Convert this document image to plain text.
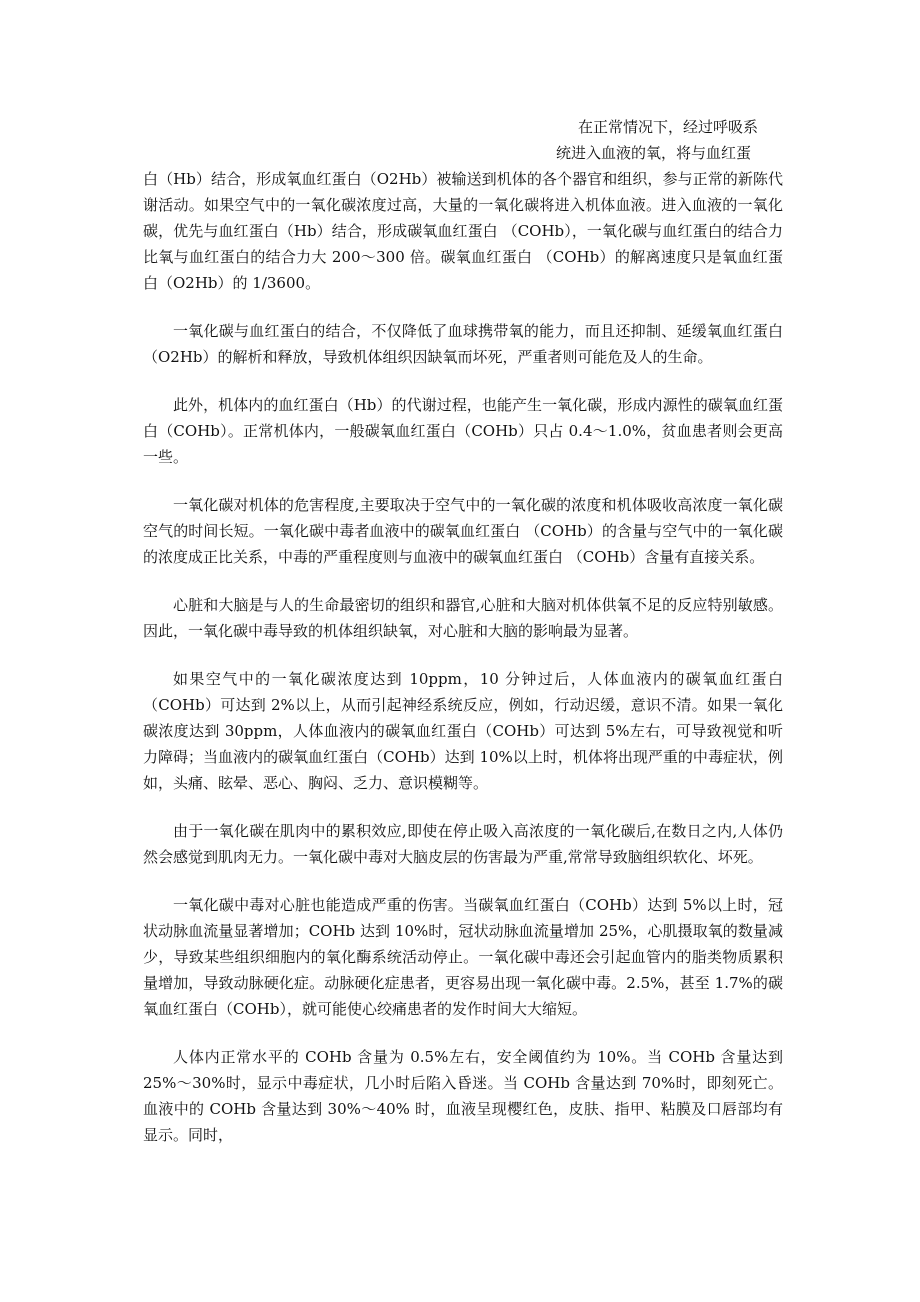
在正常情况下，经过呼吸系
统进入血液的氧，将与血红蛋

白（Hb）结合，形成氧血红蛋白（O2Hb）被输送到机体的各个器官和组织，参与正常的新陈代谢活动。如果空气中的一氧化碳浓度过高，大量的一氧化碳将进入机体血液。进入血液的一氧化碳，优先与血红蛋白（Hb）结合，形成碳氧血红蛋白 （COHb），一氧化碳与血红蛋白的结合力比氧与血红蛋白的结合力大 200～300 倍。碳氧血红蛋白 （COHb）的解离速度只是氧血红蛋白（O2Hb）的 1/3600。

一氧化碳与血红蛋白的结合，不仅降低了血球携带氧的能力，而且还抑制、延缓氧血红蛋白（O2Hb）的解析和释放，导致机体组织因缺氧而坏死，严重者则可能危及人的生命。

此外，机体内的血红蛋白（Hb）的代谢过程，也能产生一氧化碳，形成内源性的碳氧血红蛋白（COHb）。正常机体内，一般碳氧血红蛋白（COHb）只占 0.4～1.0%，贫血患者则会更高一些。

一氧化碳对机体的危害程度,主要取决于空气中的一氧化碳的浓度和机体吸收高浓度一氧化碳空气的时间长短。一氧化碳中毒者血液中的碳氧血红蛋白 （COHb）的含量与空气中的一氧化碳的浓度成正比关系，中毒的严重程度则与血液中的碳氧血红蛋白 （COHb）含量有直接关系。

心脏和大脑是与人的生命最密切的组织和器官,心脏和大脑对机体供氧不足的反应特别敏感。因此，一氧化碳中毒导致的机体组织缺氧，对心脏和大脑的影响最为显著。

如果空气中的一氧化碳浓度达到 10ppm，10 分钟过后，人体血液内的碳氧血红蛋白（COHb）可达到 2%以上，从而引起神经系统反应，例如，行动迟缓，意识不清。如果一氧化碳浓度达到 30ppm，人体血液内的碳氧血红蛋白（COHb）可达到 5%左右，可导致视觉和听力障碍；当血液内的碳氧血红蛋白（COHb）达到 10%以上时，机体将出现严重的中毒症状，例如，头痛、眩晕、恶心、胸闷、乏力、意识模糊等。

由于一氧化碳在肌肉中的累积效应,即使在停止吸入高浓度的一氧化碳后,在数日之内,人体仍然会感觉到肌肉无力。一氧化碳中毒对大脑皮层的伤害最为严重,常常导致脑组织软化、坏死。

一氧化碳中毒对心脏也能造成严重的伤害。当碳氧血红蛋白（COHb）达到 5%以上时，冠状动脉血流量显著增加；COHb 达到 10%时，冠状动脉血流量增加 25%，心肌摄取氧的数量减少，导致某些组织细胞内的氧化酶系统活动停止。一氧化碳中毒还会引起血管内的脂类物质累积量增加，导致动脉硬化症。动脉硬化症患者，更容易出现一氧化碳中毒。2.5%，甚至 1.7%的碳氧血红蛋白（COHb），就可能使心绞痛患者的发作时间大大缩短。

人体内正常水平的 COHb 含量为 0.5%左右，安全阈值约为 10%。当 COHb 含量达到 25%～30%时，显示中毒症状，几小时后陷入昏迷。当 COHb 含量达到 70%时，即刻死亡。血液中的 COHb 含量达到 30%～40% 时，血液呈现樱红色，皮肤、指甲、粘膜及口唇部均有显示。同时，
